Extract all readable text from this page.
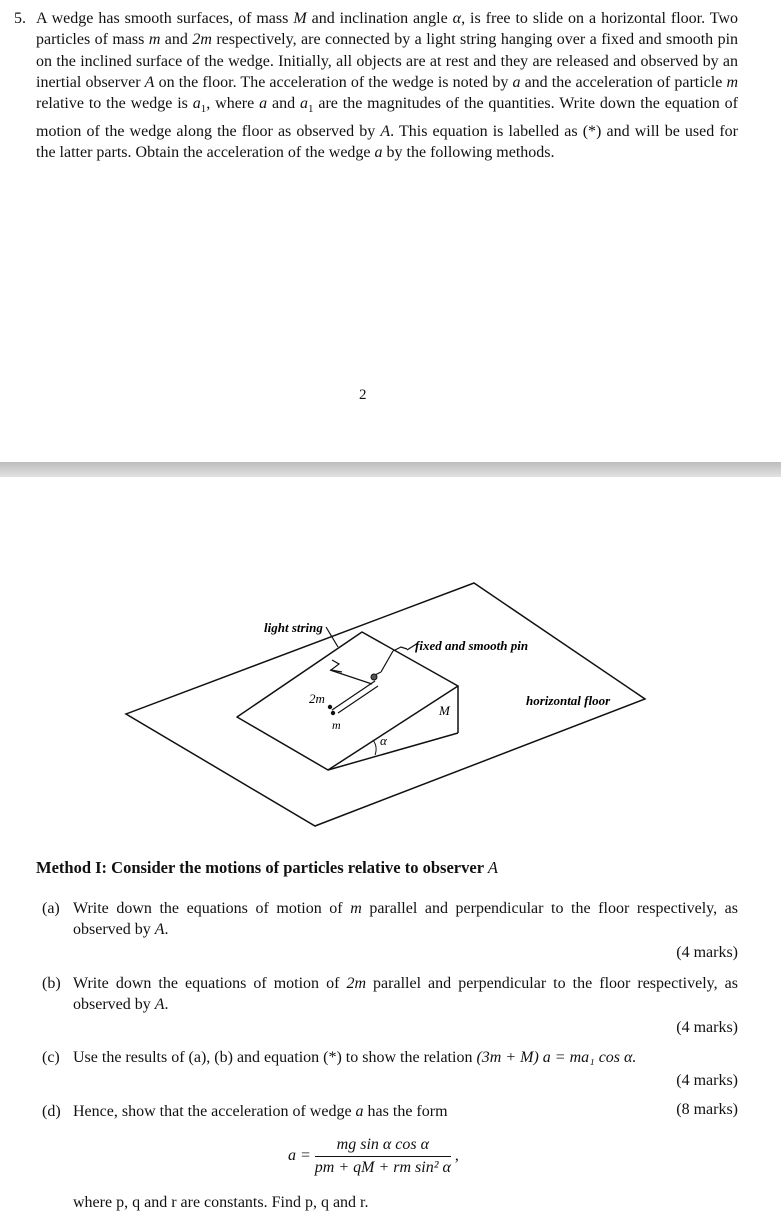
5. A wedge has smooth surfaces, of mass M and inclination angle α, is free to slide on a horizontal floor. Two particles of mass m and 2m respectively, are connected by a light string hanging over a fixed and smooth pin on the inclined surface of the wedge. Initially, all objects are at rest and they are released and observed by an inertial observer A on the floor. The acceleration of the wedge is noted by a and the acceleration of particle m relative to the wedge is $a_1$, where a and $a_1$ are the magnitudes of the quantities. Write down the equation of motion of the wedge along the floor as observed by A. This equation is labelled as (*) and will be used for the latter parts. Obtain the acceleration of the wedge a by the following methods.
2
light string
fixed and smooth pin
horizontal floor
2m
m
M
α
Method I: Consider the motions of particles relative to observer A
(a) Write down the equations of motion of m parallel and perpendicular to the floor respectively, as observed by A.
(4 marks)
(b) Write down the equations of motion of 2m parallel and perpendicular to the floor respectively, as observed by A.
(4 marks)
(c) Use the results of (a), (b) and equation (*) to show the relation (3m + M) a = ma₁ cos α.
(4 marks)
(d) Hence, show that the acceleration of wedge a has the form	(8 marks)
$a = \frac{\text{mg sin α cos α}}{\text{pm + qM + rm sin² α}}$ ,
where p, q and r are constants. Find p, q and r.
